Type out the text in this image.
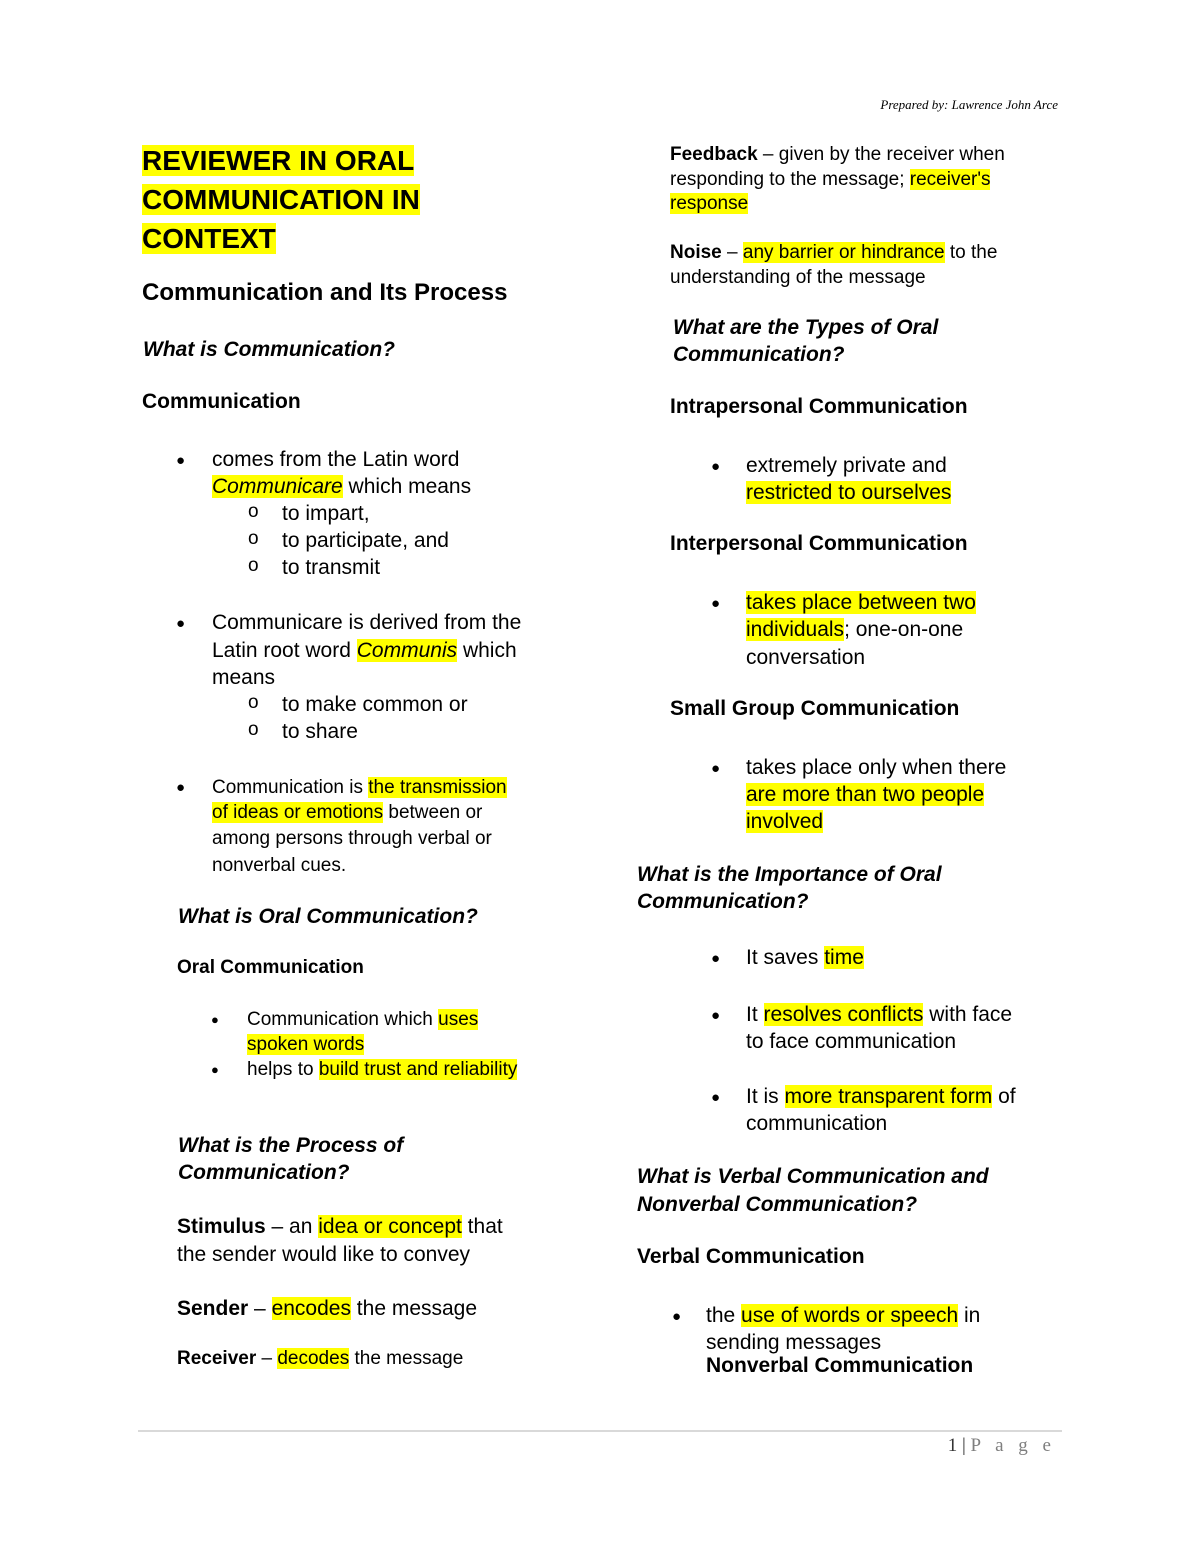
Prepared by: Lawrence John Arce
REVIEWER IN ORAL
COMMUNICATION IN
CONTEXT
Communication and Its Process
What is Communication?
Communication
● comes from the Latin word
Communicare which means
o to impart,
o to participate, and
o to transmit
● Communicare is derived from the
Latin root word Communis which
means
o to make common or
o to share
● Communication is the transmission
of ideas or emotions between or
among persons through verbal or
nonverbal cues.
What is Oral Communication?
Oral Communication
● Communication which uses
spoken words
● helps to build trust and reliability
What is the Process of
Communication?
Stimulus – an idea or concept that
the sender would like to convey
Sender – encodes the message
Receiver – decodes the message
Feedback – given by the receiver when
responding to the message; receiver's
response
Noise – any barrier or hindrance to the
understanding of the message
What are the Types of Oral
Communication?
Intrapersonal Communication
● extremely private and
restricted to ourselves
Interpersonal Communication
● takes place between two
individuals; one-on-one
conversation
Small Group Communication
● takes place only when there
are more than two people
involved
What is the Importance of Oral
Communication?
● It saves time
● It resolves conflicts with face
to face communication
● It is more transparent form of
communication
What is Verbal Communication and
Nonverbal Communication?
Verbal Communication
● the use of words or speech in
sending messages
Nonverbal Communication
1 | P a g e
